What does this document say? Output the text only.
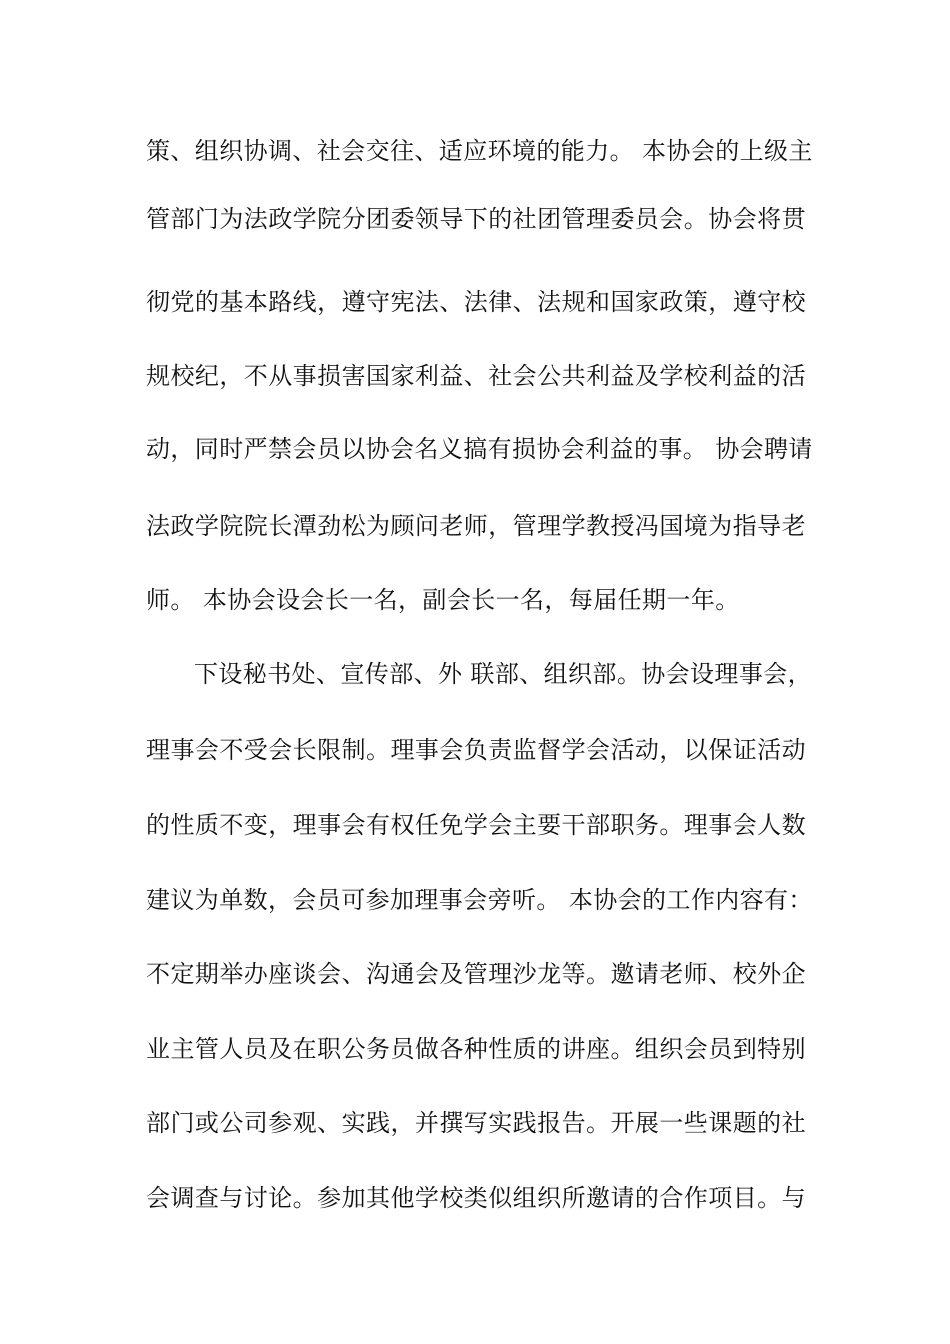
策、组织协调、社会交往、适应环境的能力。 本协会的上级主
管部门为法政学院分团委领导下的社团管理委员会。协会将贯
彻党的基本路线，遵守宪法、法律、法规和国家政策，遵守校
规校纪，不从事损害国家利益、社会公共利益及学校利益的活
动，同时严禁会员以协会名义搞有损协会利益的事。 协会聘请
法政学院院长潭劲松为顾问老师，管理学教授冯国境为指导老
师。 本协会设会长一名，副会长一名，每届任期一年。
下设秘书处、宣传部、外 联部、组织部。协会设理事会，
理事会不受会长限制。理事会负责监督学会活动，以保证活动
的性质不变，理事会有权任免学会主要干部职务。理事会人数
建议为单数，会员可参加理事会旁听。 本协会的工作内容有：
不定期举办座谈会、沟通会及管理沙龙等。邀请老师、校外企
业主管人员及在职公务员做各种性质的讲座。组织会员到特别
部门或公司参观、实践，并撰写实践报告。开展一些课题的社
会调查与讨论。参加其他学校类似组织所邀请的合作项目。与
